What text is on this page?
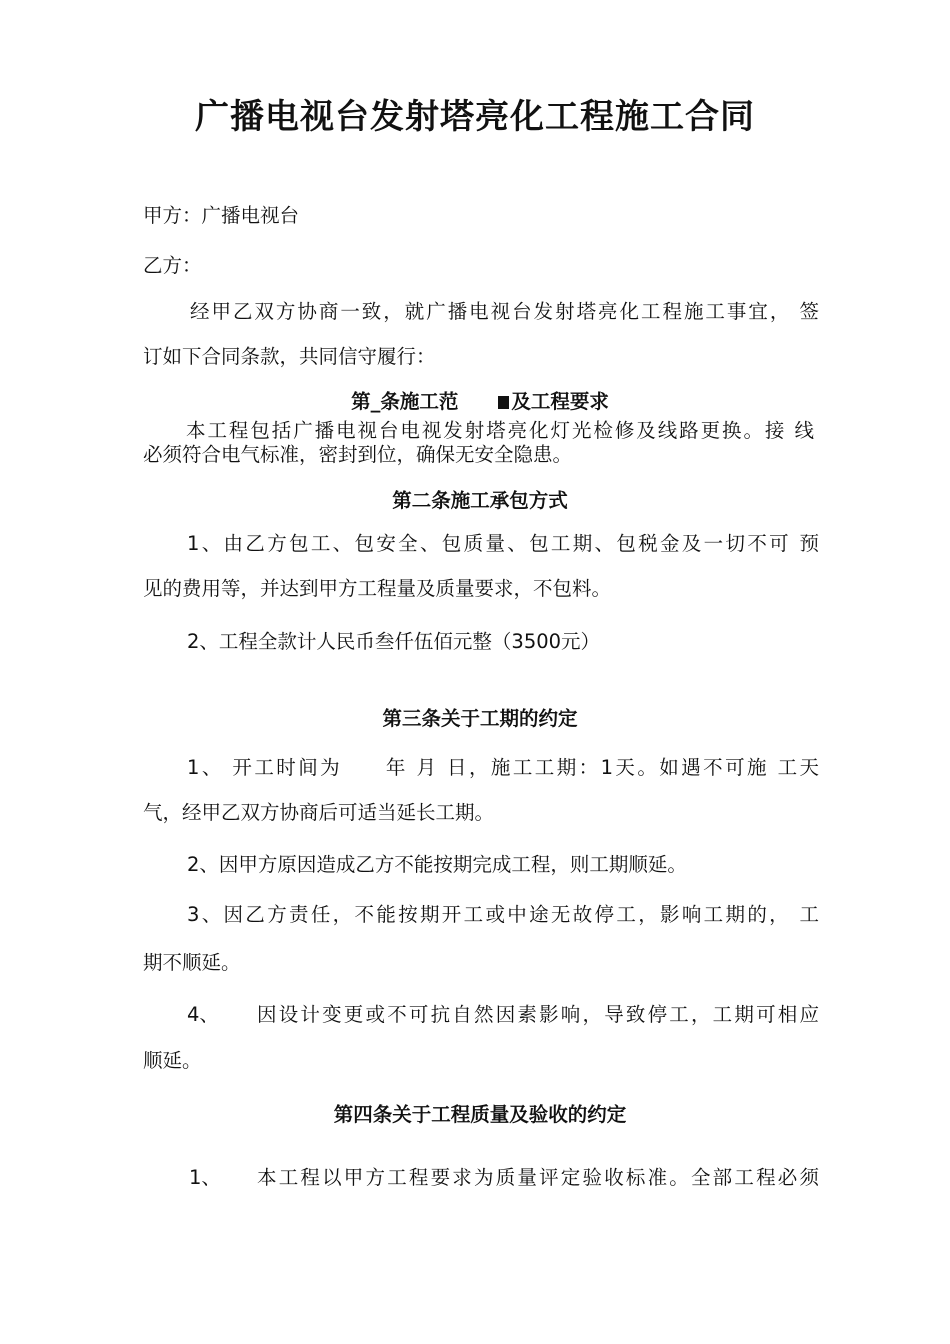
广播电视台发射塔亮化工程施工合同
甲方：广播电视台
乙方：
经甲乙双方协商一致，就广播电视台发射塔亮化工程施工事宜， 签
订如下合同条款，共同信守履行：
第_条施工范	及工程要求
本工程包括广播电视台电视发射塔亮化灯光检修及线路更换。接 线
必须符合电气标准，密封到位，确保无安全隐患。
第二条施工承包方式
1、由乙方包工、包安全、包质量、包工期、包税金及一切不可 预
见的费用等，并达到甲方工程量及质量要求，不包料。
2、工程全款计人民币叁仟伍佰元整（3500元）
第三条关于工期的约定
1、 开工时间为　　年 月 日，施工工期：1天。如遇不可施 工天
气，经甲乙双方协商后可适当延长工期。
2、因甲方原因造成乙方不能按期完成工程，则工期顺延。
3、因乙方责任，不能按期开工或中途无故停工，影响工期的， 工
期不顺延。
4、	因设计变更或不可抗自然因素影响，导致停工，工期可相应
顺延。
第四条关于工程质量及验收的约定
1、	本工程以甲方工程要求为质量评定验收标准。全部工程必须
